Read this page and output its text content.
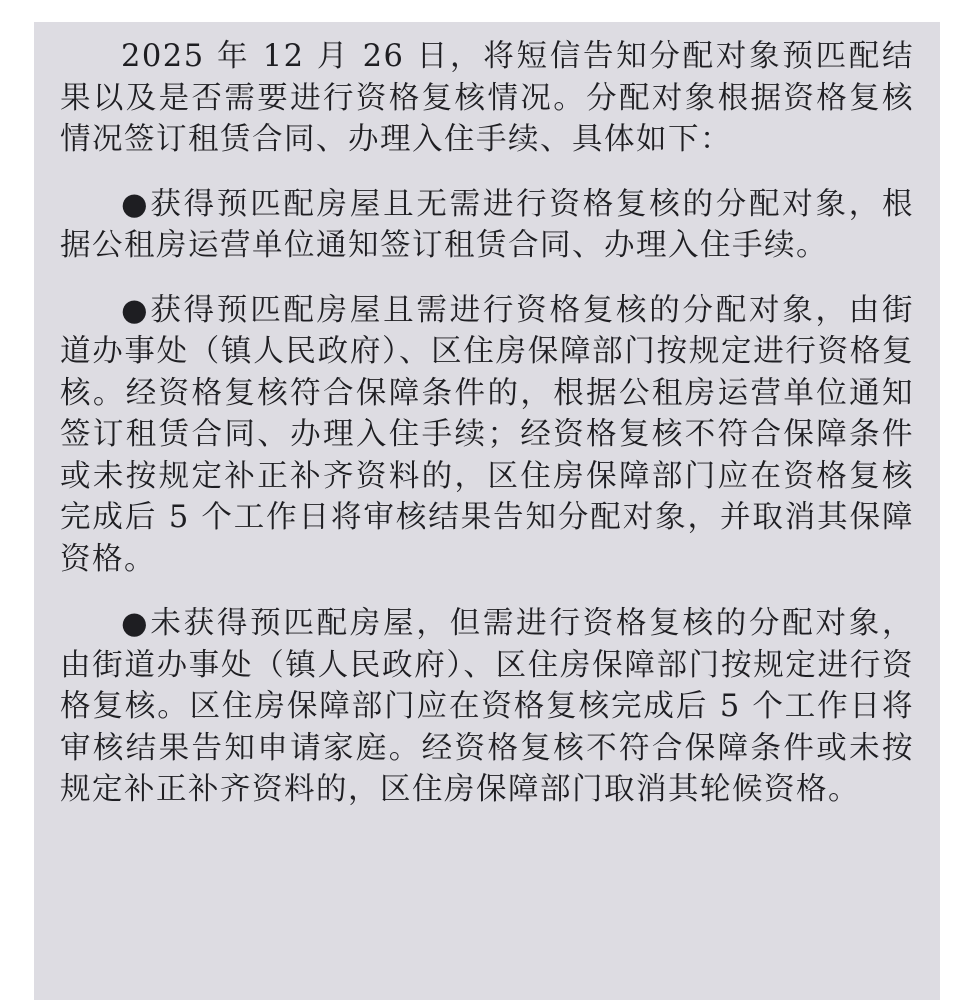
2025 年 12 月 26 日，将短信告知分配对象预匹配结果以及是否需要进行资格复核情况。分配对象根据资格复核情况签订租赁合同、办理入住手续、具体如下：

●获得预匹配房屋且无需进行资格复核的分配对象，根据公租房运营单位通知签订租赁合同、办理入住手续。

●获得预匹配房屋且需进行资格复核的分配对象，由街道办事处（镇人民政府）、区住房保障部门按规定进行资格复核。经资格复核符合保障条件的，根据公租房运营单位通知签订租赁合同、办理入住手续；经资格复核不符合保障条件或未按规定补正补齐资料的，区住房保障部门应在资格复核完成后 5 个工作日将审核结果告知分配对象，并取消其保障资格。

●未获得预匹配房屋，但需进行资格复核的分配对象，由街道办事处（镇人民政府）、区住房保障部门按规定进行资格复核。区住房保障部门应在资格复核完成后 5 个工作日将审核结果告知申请家庭。经资格复核不符合保障条件或未按规定补正补齐资料的，区住房保障部门取消其轮候资格。
